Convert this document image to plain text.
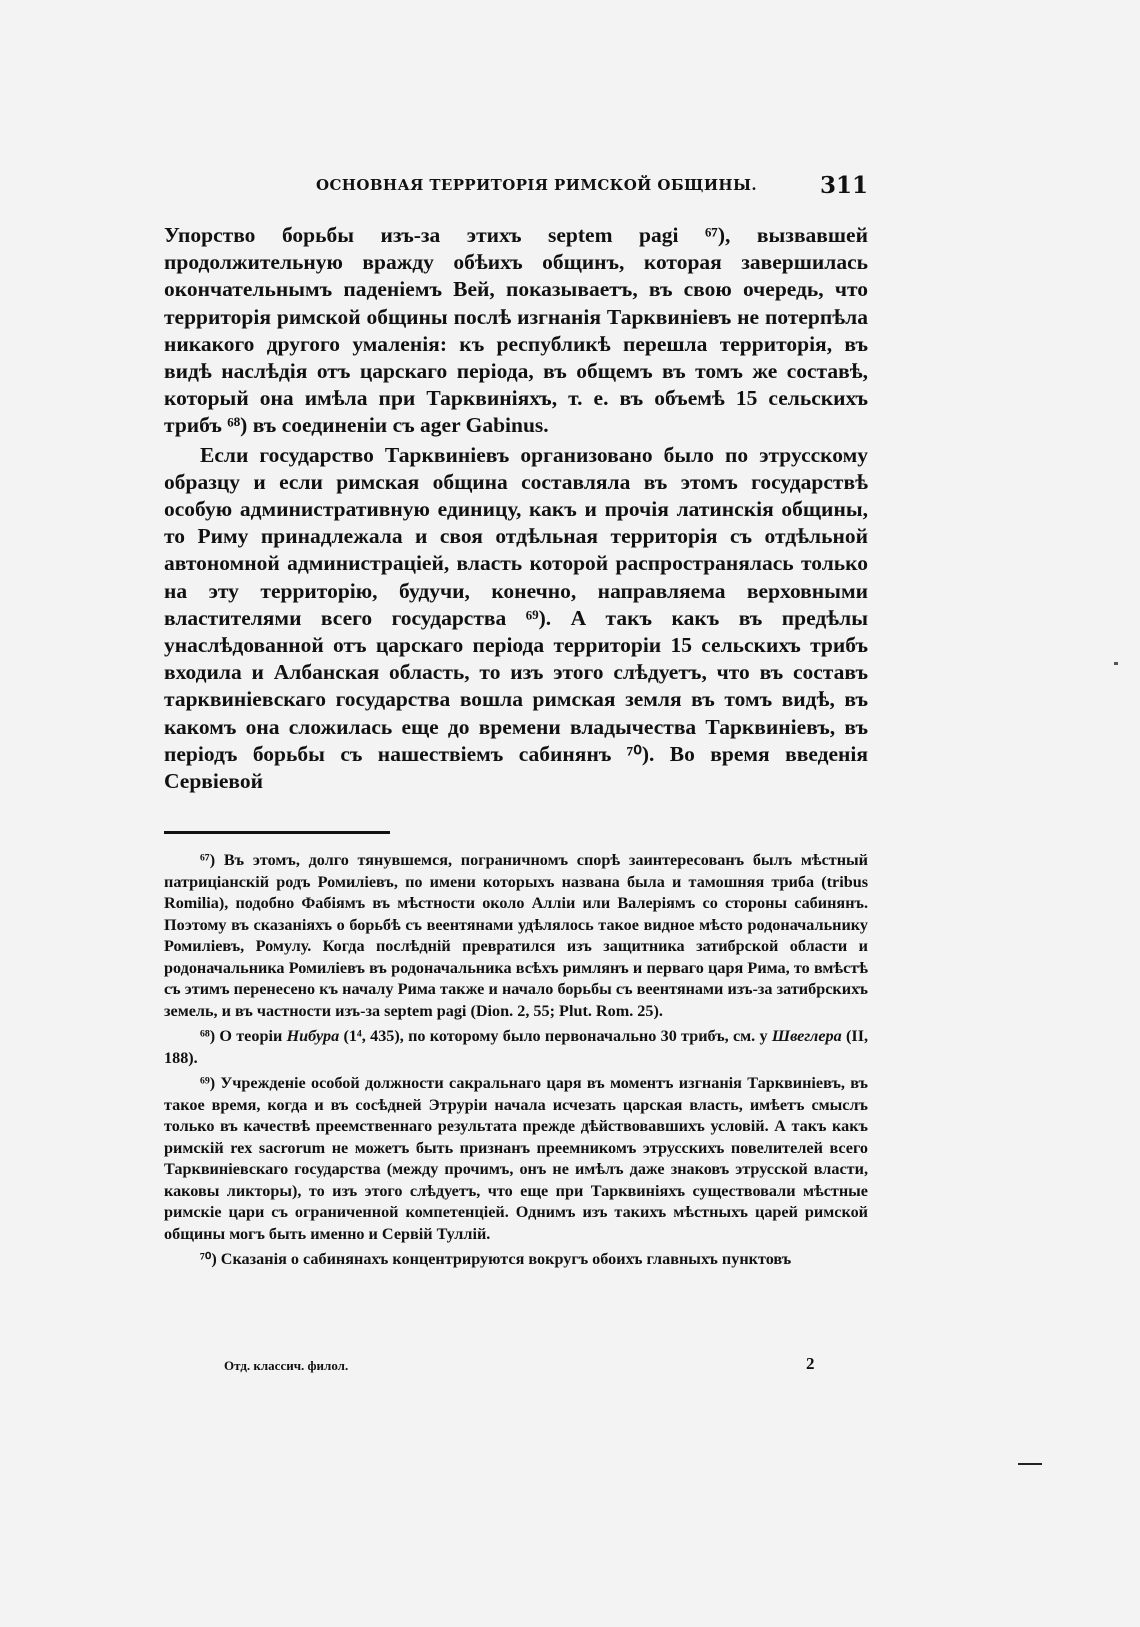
ОСНОВНАЯ ТЕРРИТОРІЯ РИМСКОЙ ОБЩИНЫ.	311

Упорство борьбы изъ-за этихъ septem pagi ⁶⁷), вызвавшей продолжительную вражду обѣихъ общинъ, которая завершилась окончательнымъ паденіемъ Вей, показываетъ, въ свою очередь, что территорія римской общины послѣ изгнанія Тарквиніевъ не потерпѣла никакого другого умаленія: къ республикѣ перешла территорія, въ видѣ наслѣдія отъ царскаго періода, въ общемъ въ томъ же составѣ, который она имѣла при Тарквиніяхъ, т. е. въ объемѣ 15 сельскихъ трибъ ⁶⁸) въ соединеніи съ ager Gabinus.

Если государство Тарквиніевъ организовано было по этрусскому образцу и если римская община составляла въ этомъ государствѣ особую административную единицу, какъ и прочія латинскія общины, то Риму принадлежала и своя отдѣльная территорія съ отдѣльной автономной администраціей, власть которой распространялась только на эту территорію, будучи, конечно, направляема верховными властителями всего государства ⁶⁹). А такъ какъ въ предѣлы унаслѣдованной отъ царскаго періода территоріи 15 сельскихъ трибъ входила и Албанская область, то изъ этого слѣдуетъ, что въ составъ тарквиніевскаго государства вошла римская земля въ томъ видѣ, въ какомъ она сложилась еще до времени владычества Тарквиніевъ, въ періодъ борьбы съ нашествіемъ сабинянъ ⁷⁰). Во время введенія Сервіевой

⁶⁷) Въ этомъ, долго тянувшемся, пограничномъ спорѣ заинтересованъ былъ мѣстный патриціанскій родъ Ромиліевъ, по имени которыхъ названа была и тамошняя триба (tribus Romilia), подобно Фабіямъ въ мѣстности около Алліи или Валеріямъ со стороны сабинянъ. Поэтому въ сказаніяхъ о борьбѣ съ веентянами удѣлялось такое видное мѣсто родоначальнику Ромиліевъ, Ромулу. Когда послѣдній превратился изъ защитника затибрской области и родоначальника Ромиліевъ въ родоначальника всѣхъ римлянъ и перваго царя Рима, то вмѣстѣ съ этимъ перенесено къ началу Рима также и начало борьбы съ веентянами изъ-за затибрскихъ земель, и въ частности изъ-за septem pagi (Dion. 2, 55; Plut. Rom. 25).

⁶⁸) О теоріи Нибура (1⁴, 435), по которому было первоначально 30 трибъ, см. у Швеглера (II, 188).

⁶⁹) Учрежденіе особой должности сакральнаго царя въ моментъ изгнанія Тарквиніевъ, въ такое время, когда и въ сосѣдней Этруріи начала исчезать царская власть, имѣетъ смыслъ только въ качествѣ преемственнаго результата прежде дѣйствовавшихъ условій. А такъ какъ римскій rex sacrorum не можетъ быть признанъ преемникомъ этрусскихъ повелителей всего Тарквиніевскаго государства (между прочимъ, онъ не имѣлъ даже знаковъ этрусской власти, каковы ликторы), то изъ этого слѣдуетъ, что еще при Тарквиніяхъ существовали мѣстные римскіе цари съ ограниченной компетенціей. Однимъ изъ такихъ мѣстныхъ царей римской общины могъ быть именно и Сервій Туллій.

⁷⁰) Сказанія о сабинянахъ концентрируются вокругъ обоихъ главныхъ пунктовъ

Отд. классич. филол.	2
